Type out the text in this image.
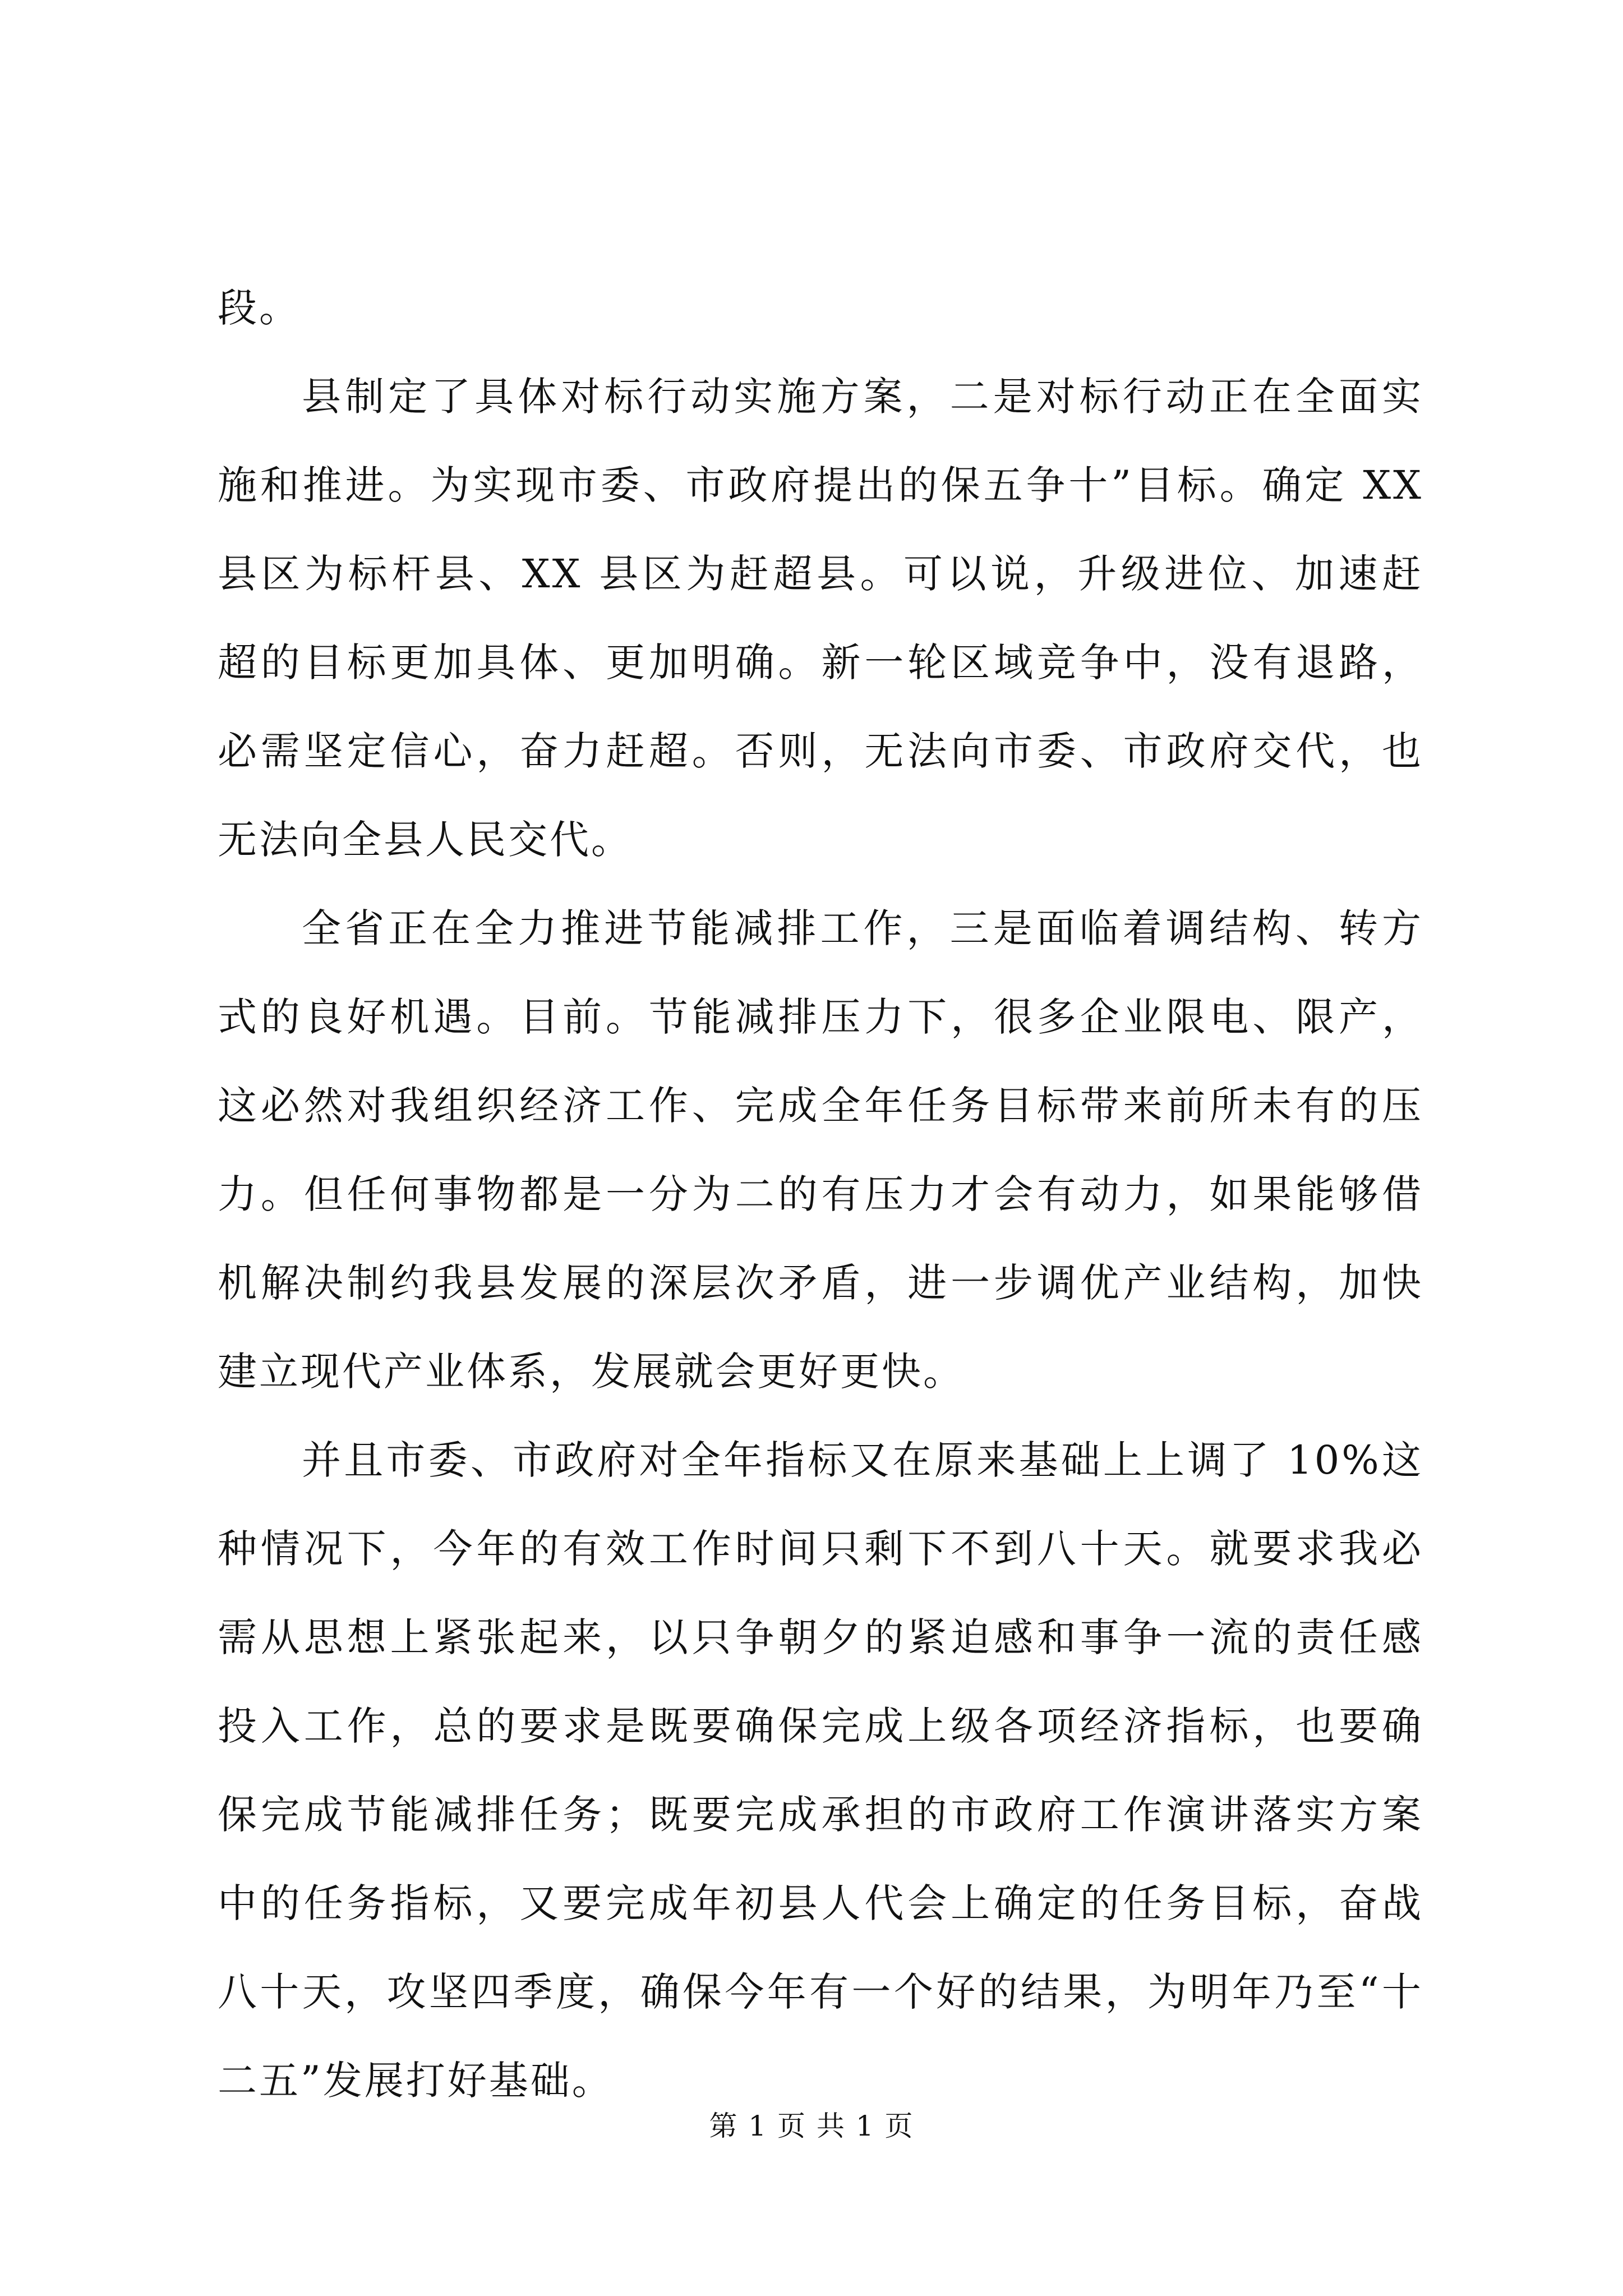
段。
县制定了具体对标行动实施方案，二是对标行动正在全面实
施和推进。为实现市委、市政府提出的保五争十”目标。确定 XX
县区为标杆县、XX 县区为赶超县。可以说，升级进位、加速赶
超的目标更加具体、更加明确。新一轮区域竞争中，没有退路，
必需坚定信心，奋力赶超。否则，无法向市委、市政府交代，也
无法向全县人民交代。
全省正在全力推进节能减排工作，三是面临着调结构、转方
式的良好机遇。目前。节能减排压力下，很多企业限电、限产，
这必然对我组织经济工作、完成全年任务目标带来前所未有的压
力。但任何事物都是一分为二的有压力才会有动力，如果能够借
机解决制约我县发展的深层次矛盾，进一步调优产业结构，加快
建立现代产业体系，发展就会更好更快。
并且市委、市政府对全年指标又在原来基础上上调了 10%这
种情况下，今年的有效工作时间只剩下不到八十天。就要求我必
需从思想上紧张起来，以只争朝夕的紧迫感和事争一流的责任感
投入工作，总的要求是既要确保完成上级各项经济指标，也要确
保完成节能减排任务；既要完成承担的市政府工作演讲落实方案
中的任务指标，又要完成年初县人代会上确定的任务目标，奋战
八十天，攻坚四季度，确保今年有一个好的结果，为明年乃至“十
二五”发展打好基础。
第 1 页 共 1 页
